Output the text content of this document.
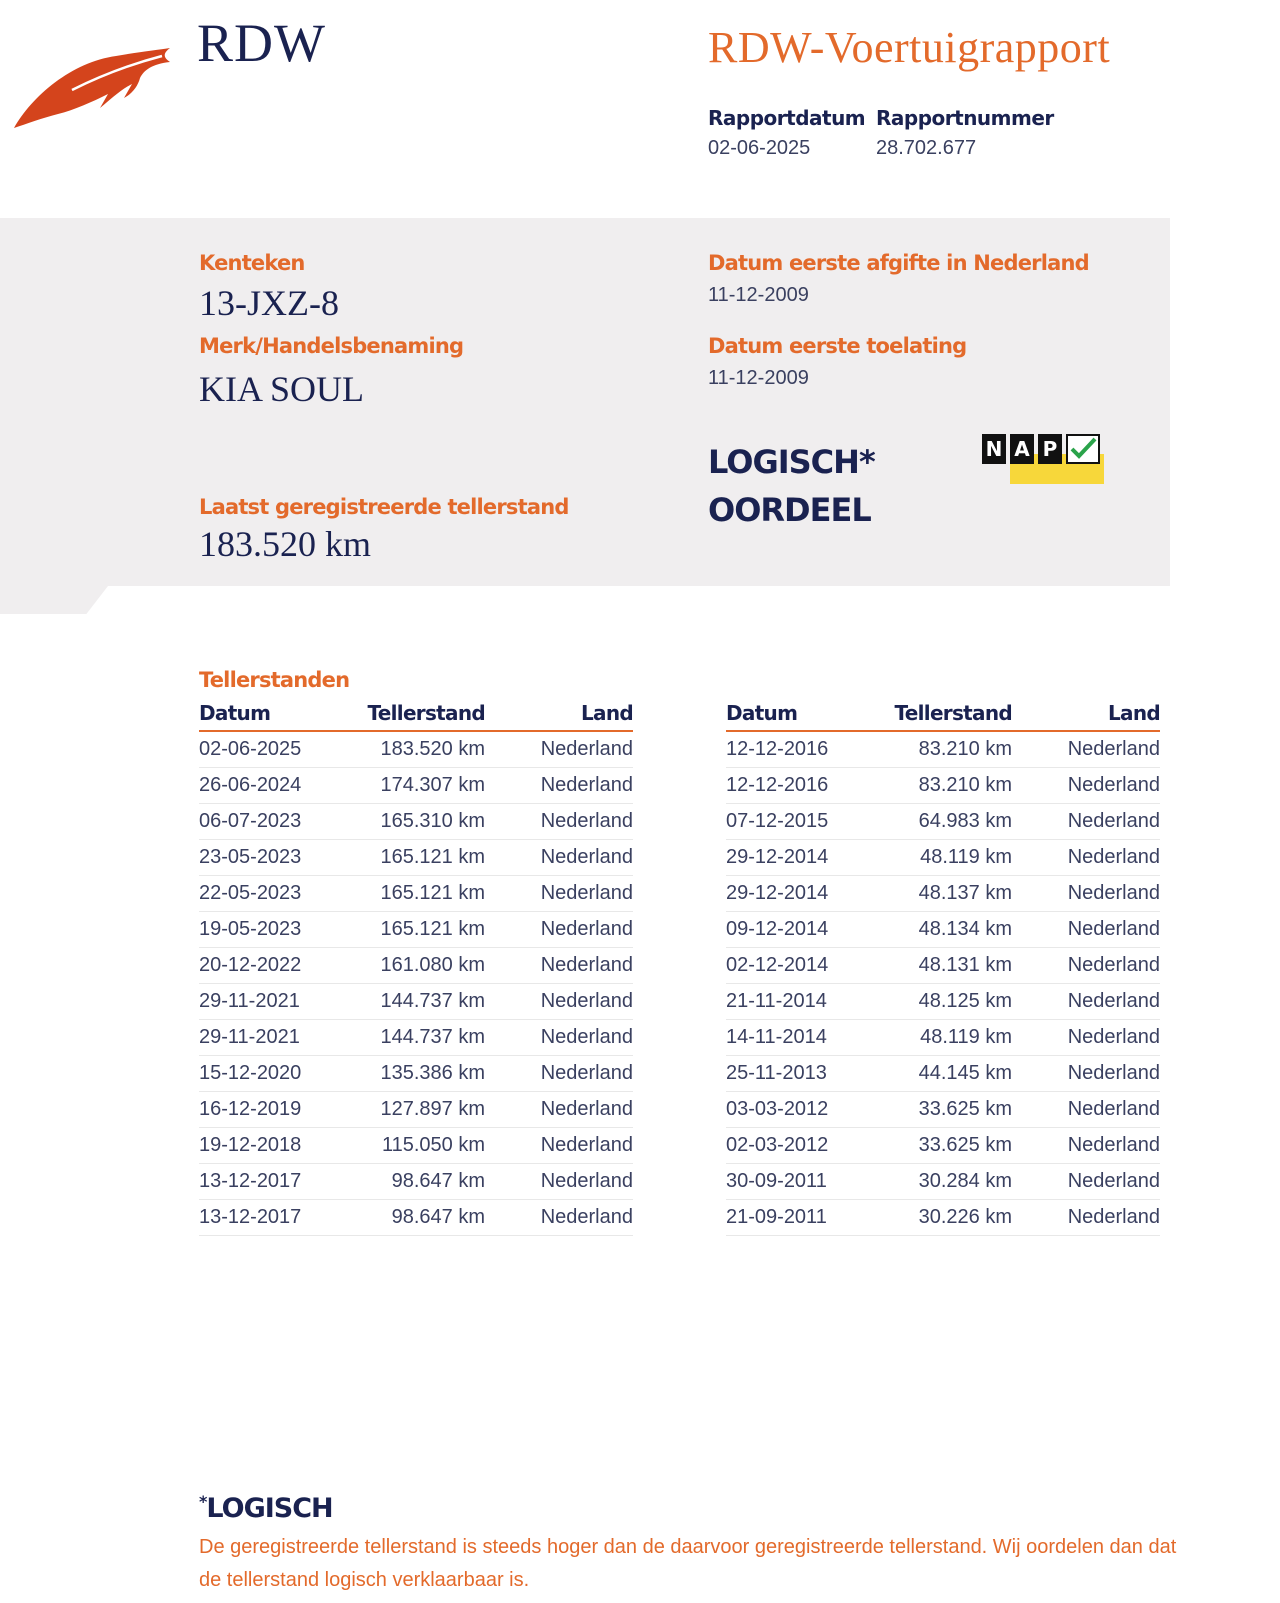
RDW	RDW-Voertuigrapport
Rapportdatum
02-06-2025
Rapportnummer
28.702.677
Kenteken
13-JXZ-8
Merk/Handelsbenaming
KIA SOUL
Laatst geregistreerde tellerstand
183.520 km
Datum eerste afgifte in Nederland
11-12-2009
Datum eerste toelating
11-12-2009
LOGISCH*
OORDEEL
N A P
Tellerstanden
Datum	Tellerstand	Land
02-06-2025	183.520 km	Nederland
26-06-2024	174.307 km	Nederland
06-07-2023	165.310 km	Nederland
23-05-2023	165.121 km	Nederland
22-05-2023	165.121 km	Nederland
19-05-2023	165.121 km	Nederland
20-12-2022	161.080 km	Nederland
29-11-2021	144.737 km	Nederland
29-11-2021	144.737 km	Nederland
15-12-2020	135.386 km	Nederland
16-12-2019	127.897 km	Nederland
19-12-2018	115.050 km	Nederland
13-12-2017	98.647 km	Nederland
13-12-2017	98.647 km	Nederland
Datum	Tellerstand	Land
12-12-2016	83.210 km	Nederland
12-12-2016	83.210 km	Nederland
07-12-2015	64.983 km	Nederland
29-12-2014	48.119 km	Nederland
29-12-2014	48.137 km	Nederland
09-12-2014	48.134 km	Nederland
02-12-2014	48.131 km	Nederland
21-11-2014	48.125 km	Nederland
14-11-2014	48.119 km	Nederland
25-11-2013	44.145 km	Nederland
03-03-2012	33.625 km	Nederland
02-03-2012	33.625 km	Nederland
30-09-2011	30.284 km	Nederland
21-09-2011	30.226 km	Nederland
*LOGISCH
De geregistreerde tellerstand is steeds hoger dan de daarvoor geregistreerde tellerstand. Wij oordelen dan dat de tellerstand logisch verklaarbaar is.
